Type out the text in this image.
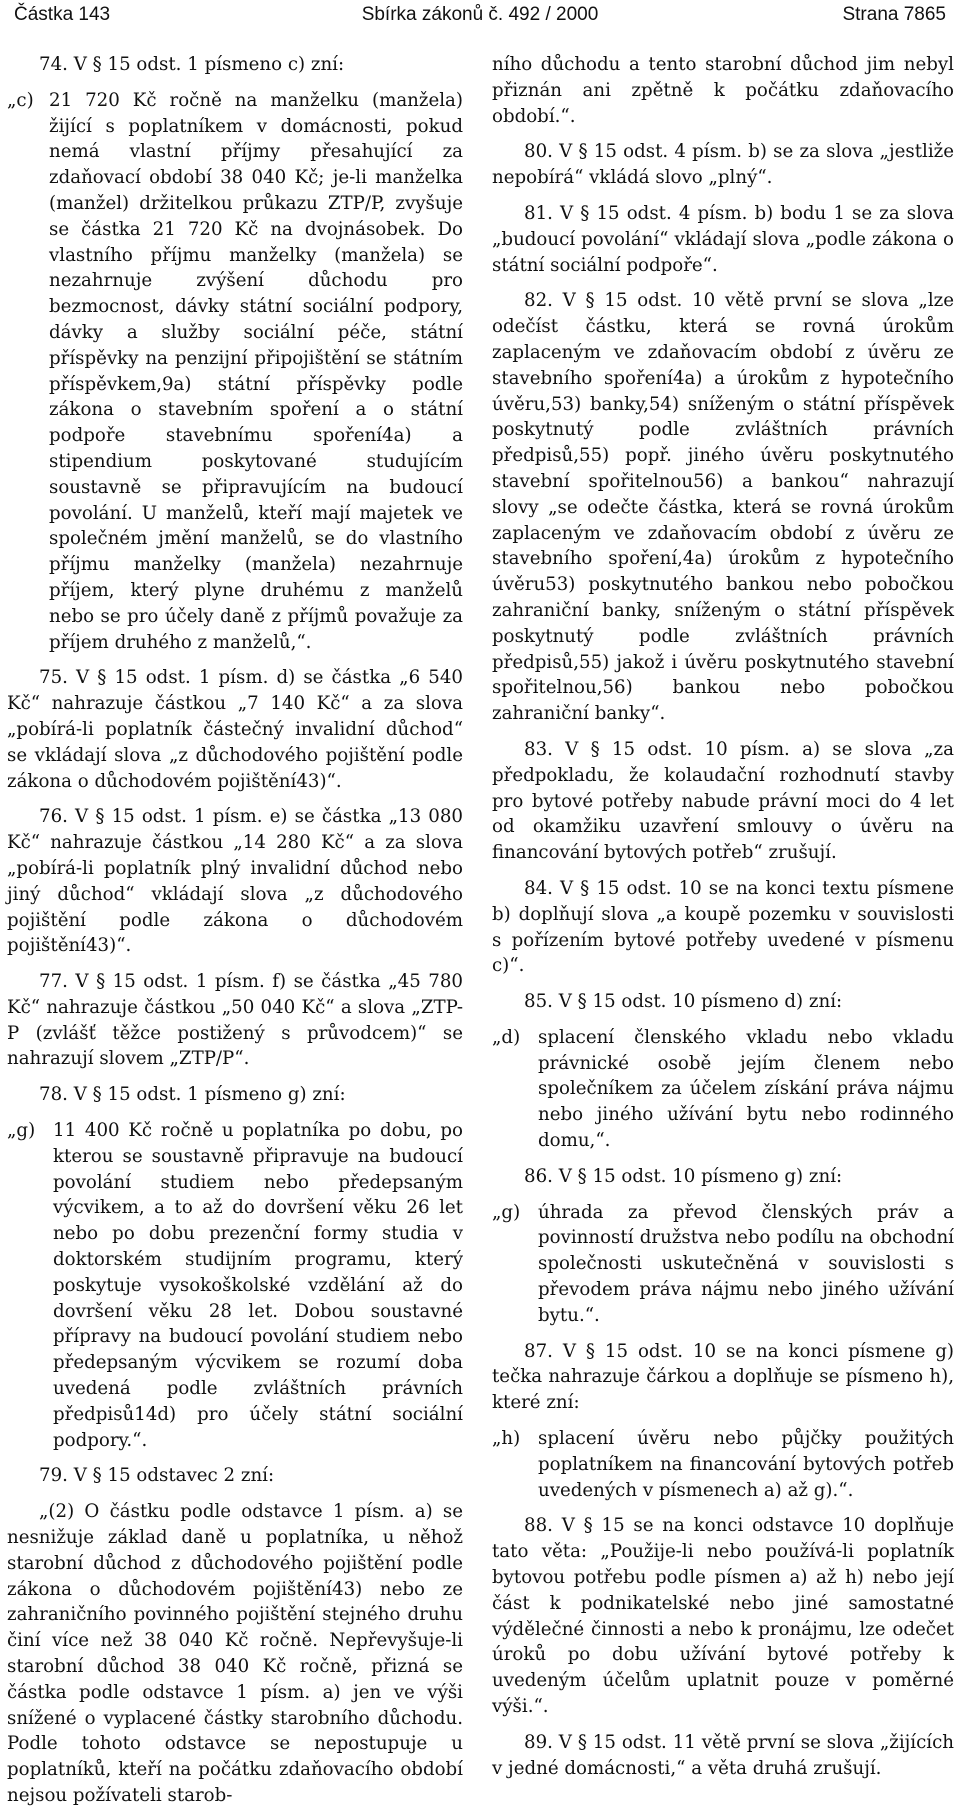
Částka 143	Sbírka zákonů č. 492 / 2000	Strana 7865

74. V § 15 odst. 1 písmeno c) zní:

„c) 21 720 Kč ročně na manželku (manžela) žijící s poplatníkem v domácnosti, pokud nemá vlastní příjmy přesahující za zdaňovací období 38 040 Kč; je-li manželka (manžel) držitelkou průkazu ZTP/P, zvyšuje se částka 21 720 Kč na dvojnásobek. Do vlastního příjmu manželky (manžela) se nezahrnuje zvýšení důchodu pro bezmocnost, dávky státní sociální podpory, dávky a služby sociální péče, státní příspěvky na penzijní připojištění se státním příspěvkem,9a) státní příspěvky podle zákona o stavebním spoření a o státní podpoře stavebnímu spoření4a) a stipendium poskytované studujícím soustavně se připravujícím na budoucí povolání. U manželů, kteří mají majetek ve společném jmění manželů, se do vlastního příjmu manželky (manžela) nezahrnuje příjem, který plyne druhému z manželů nebo se pro účely daně z příjmů považuje za příjem druhého z manželů,“.

75. V § 15 odst. 1 písm. d) se částka „6 540 Kč“ nahrazuje částkou „7 140 Kč“ a za slova „pobírá-li poplatník částečný invalidní důchod“ se vkládají slova „z důchodového pojištění podle zákona o důchodovém pojištění43)“.

76. V § 15 odst. 1 písm. e) se částka „13 080 Kč“ nahrazuje částkou „14 280 Kč“ a za slova „pobírá-li poplatník plný invalidní důchod nebo jiný důchod“ vkládají slova „z důchodového pojištění podle zákona o důchodovém pojištění43)“.

77. V § 15 odst. 1 písm. f) se částka „45 780 Kč“ nahrazuje částkou „50 040 Kč“ a slova „ZTP-P (zvlášť těžce postižený s průvodcem)“ se nahrazují slovem „ZTP/P“.

78. V § 15 odst. 1 písmeno g) zní:

„g) 11 400 Kč ročně u poplatníka po dobu, po kterou se soustavně připravuje na budoucí povolání studiem nebo předepsaným výcvikem, a to až do dovršení věku 26 let nebo po dobu prezenční formy studia v doktorském studijním programu, který poskytuje vysokoškolské vzdělání až do dovršení věku 28 let. Dobou soustavné přípravy na budoucí povolání studiem nebo předepsaným výcvikem se rozumí doba uvedená podle zvláštních právních předpisů14d) pro účely státní sociální podpory.“.

79. V § 15 odstavec 2 zní:

„(2) O částku podle odstavce 1 písm. a) se nesnižuje základ daně u poplatníka, u něhož starobní důchod z důchodového pojištění podle zákona o důchodovém pojištění43) nebo ze zahraničního povinného pojištění stejného druhu činí více než 38 040 Kč ročně. Nepřevyšuje-li starobní důchod 38 040 Kč ročně, přizná se částka podle odstavce 1 písm. a) jen ve výši snížené o vyplacené částky starobního důchodu. Podle tohoto odstavce se nepostupuje u poplatníků, kteří na počátku zdaňovacího období nejsou požívateli starob-

ního důchodu a tento starobní důchod jim nebyl přiznán ani zpětně k počátku zdaňovacího období.“.

80. V § 15 odst. 4 písm. b) se za slova „jestliže nepobírá“ vkládá slovo „plný“.

81. V § 15 odst. 4 písm. b) bodu 1 se za slova „budoucí povolání“ vkládají slova „podle zákona o státní sociální podpoře“.

82. V § 15 odst. 10 větě první se slova „lze odečíst částku, která se rovná úrokům zaplaceným ve zdaňovacím období z úvěru ze stavebního spoření4a) a úrokům z hypotečního úvěru,53) banky,54) sníženým o státní příspěvek poskytnutý podle zvláštních právních předpisů,55) popř. jiného úvěru poskytnutého stavební spořitelnou56) a bankou“ nahrazují slovy „se odečte částka, která se rovná úrokům zaplaceným ve zdaňovacím období z úvěru ze stavebního spoření,4a) úrokům z hypotečního úvěru53) poskytnutého bankou nebo pobočkou zahraniční banky, sníženým o státní příspěvek poskytnutý podle zvláštních právních předpisů,55) jakož i úvěru poskytnutého stavební spořitelnou,56) bankou nebo pobočkou zahraniční banky“.

83. V § 15 odst. 10 písm. a) se slova „za předpokladu, že kolaudační rozhodnutí stavby pro bytové potřeby nabude právní moci do 4 let od okamžiku uzavření smlouvy o úvěru na financování bytových potřeb“ zrušují.

84. V § 15 odst. 10 se na konci textu písmene b) doplňují slova „a koupě pozemku v souvislosti s pořízením bytové potřeby uvedené v písmenu c)“.

85. V § 15 odst. 10 písmeno d) zní:

„d) splacení členského vkladu nebo vkladu právnické osobě jejím členem nebo společníkem za účelem získání práva nájmu nebo jiného užívání bytu nebo rodinného domu,“.

86. V § 15 odst. 10 písmeno g) zní:

„g) úhrada za převod členských práv a povinností družstva nebo podílu na obchodní společnosti uskutečněná v souvislosti s převodem práva nájmu nebo jiného užívání bytu.“.

87. V § 15 odst. 10 se na konci písmene g) tečka nahrazuje čárkou a doplňuje se písmeno h), které zní:

„h) splacení úvěru nebo půjčky použitých poplatníkem na financování bytových potřeb uvedených v písmenech a) až g).“.

88. V § 15 se na konci odstavce 10 doplňuje tato věta: „Použije-li nebo používá-li poplatník bytovou potřebu podle písmen a) až h) nebo její část k podnikatelské nebo jiné samostatné výdělečné činnosti a nebo k pronájmu, lze odečet úroků po dobu užívání bytové potřeby k uvedeným účelům uplatnit pouze v poměrné výši.“.

89. V § 15 odst. 11 větě první se slova „žijících v jedné domácnosti,“ a věta druhá zrušují.
